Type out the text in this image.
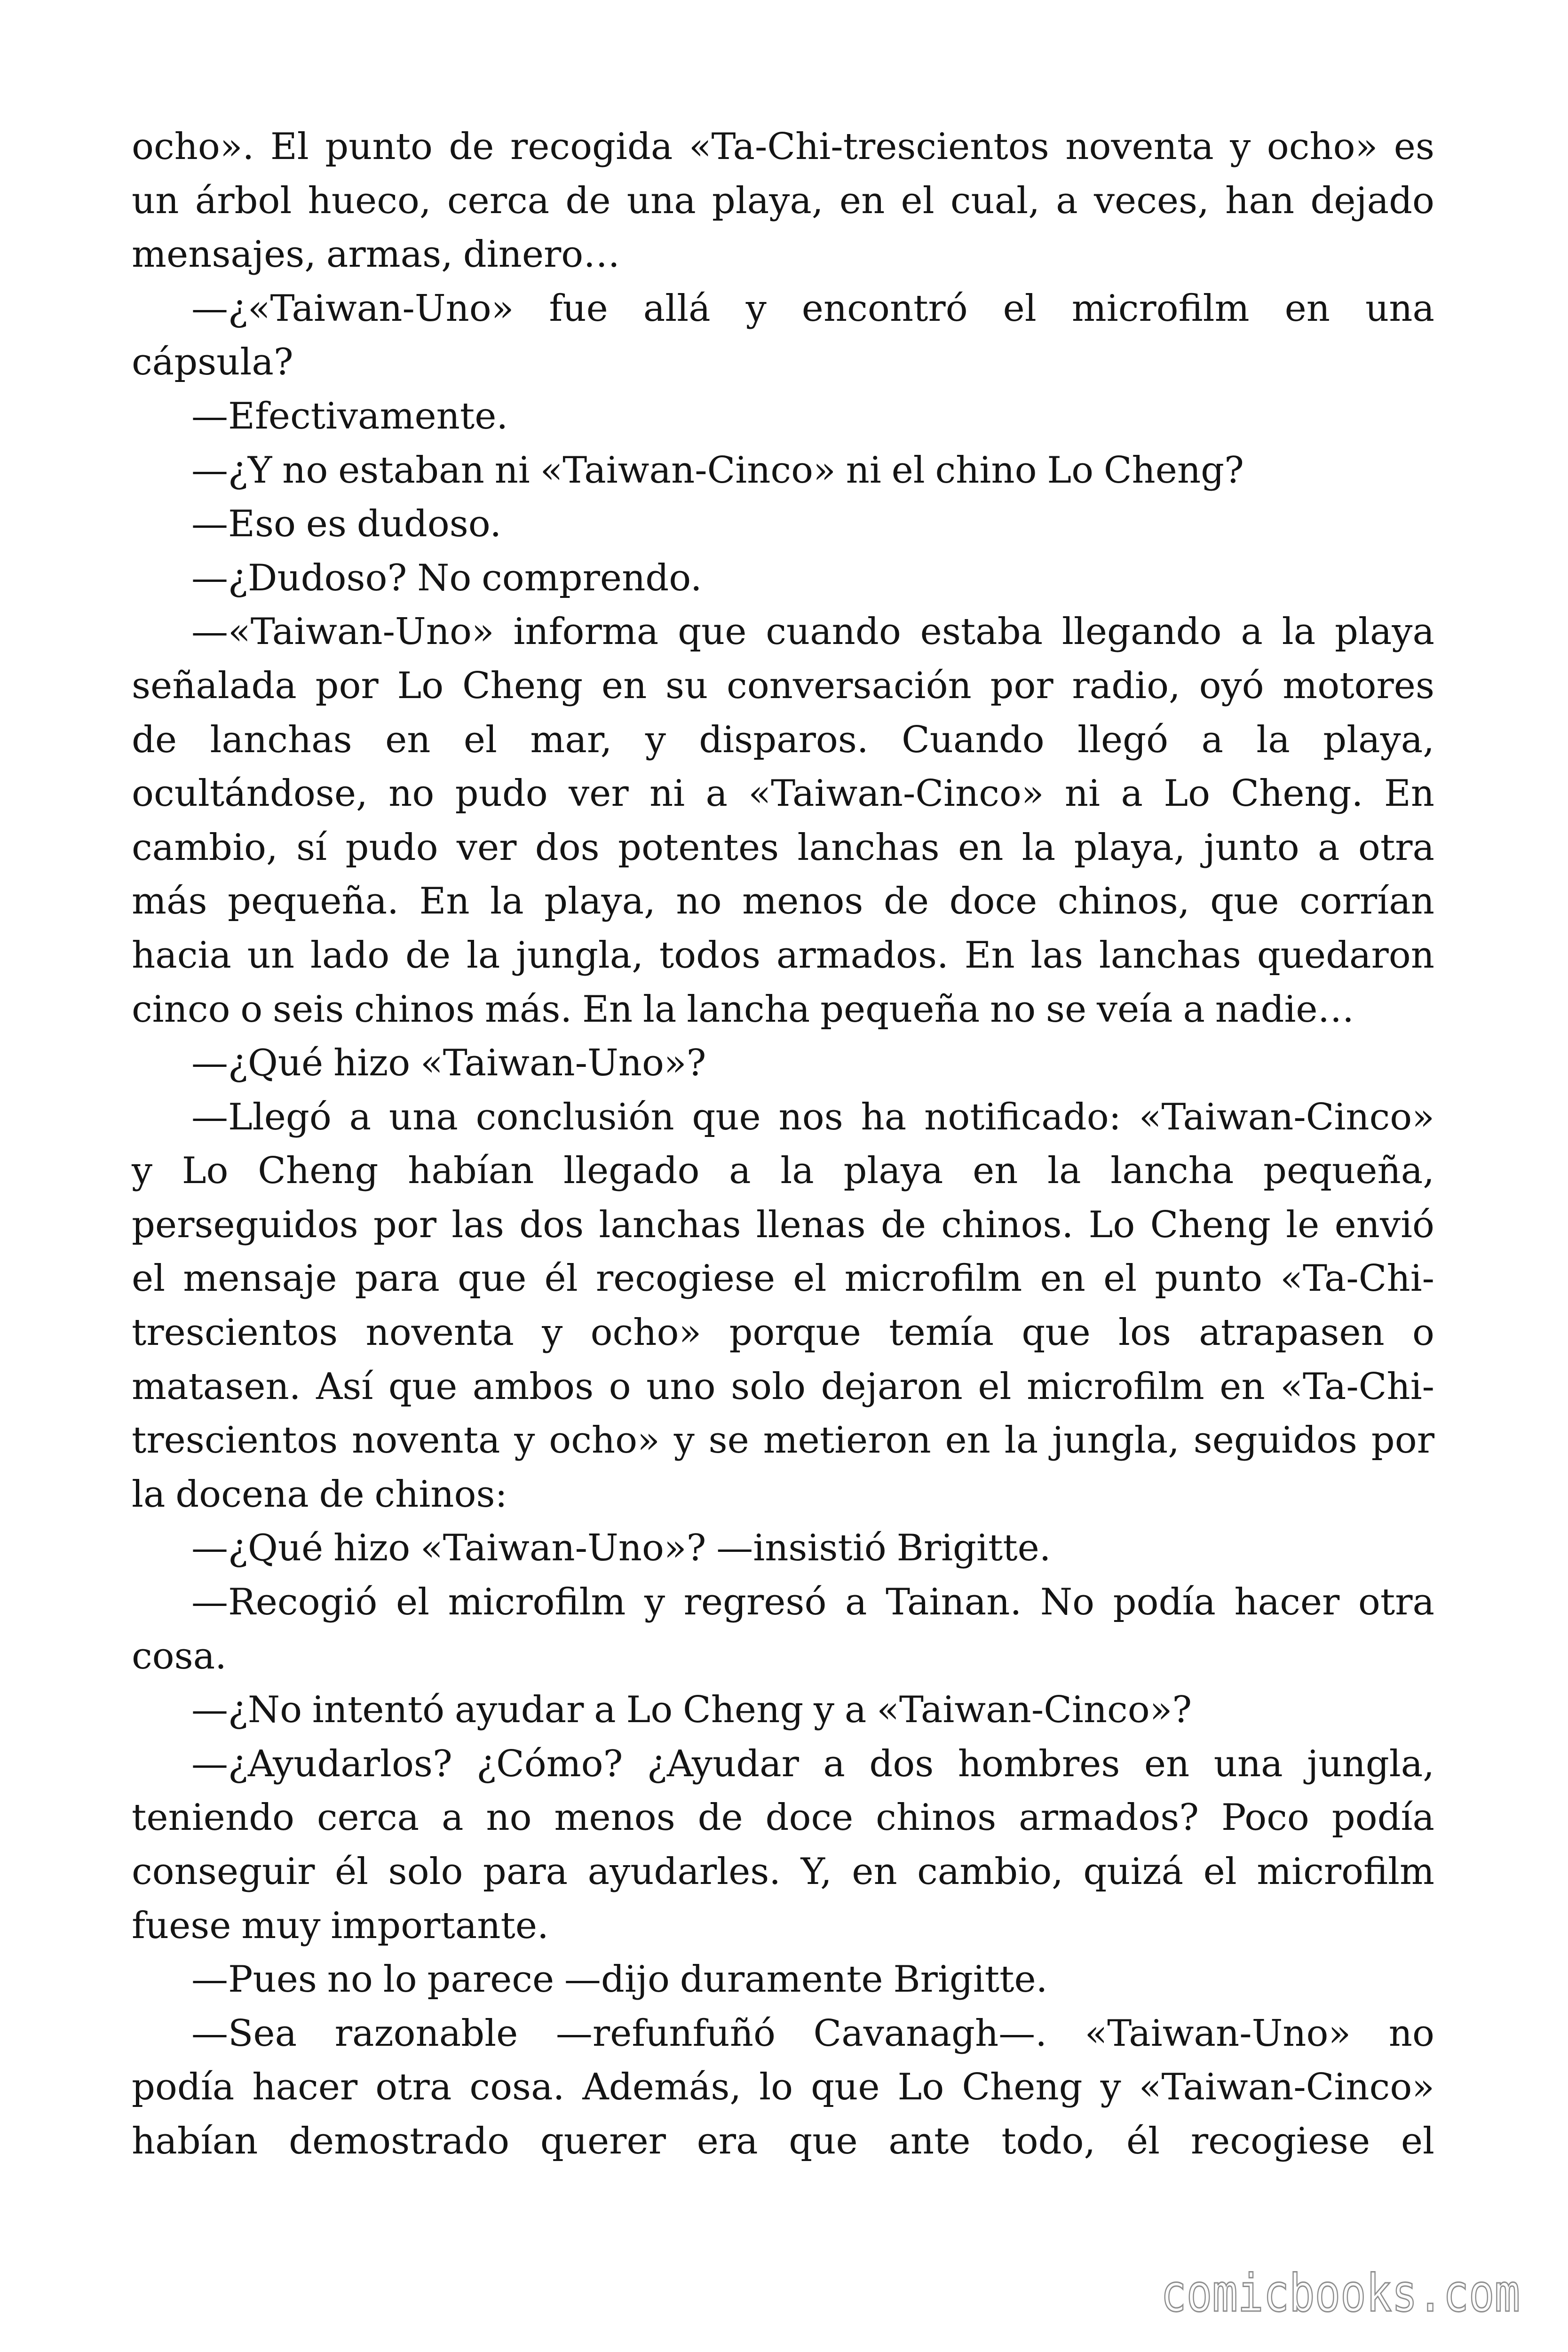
ocho». El punto de recogida «Ta-Chi-trescientos noventa y ocho» es
un árbol hueco, cerca de una playa, en el cual, a veces, han dejado
mensajes, armas, dinero…
—¿«Taiwan-Uno» fue allá y encontró el microfilm en una
cápsula?
—Efectivamente.
—¿Y no estaban ni «Taiwan-Cinco» ni el chino Lo Cheng?
—Eso es dudoso.
—¿Dudoso? No comprendo.
—«Taiwan-Uno» informa que cuando estaba llegando a la playa
señalada por Lo Cheng en su conversación por radio, oyó motores
de lanchas en el mar, y disparos. Cuando llegó a la playa,
ocultándose, no pudo ver ni a «Taiwan-Cinco» ni a Lo Cheng. En
cambio, sí pudo ver dos potentes lanchas en la playa, junto a otra
más pequeña. En la playa, no menos de doce chinos, que corrían
hacia un lado de la jungla, todos armados. En las lanchas quedaron
cinco o seis chinos más. En la lancha pequeña no se veía a nadie…
—¿Qué hizo «Taiwan-Uno»?
—Llegó a una conclusión que nos ha notificado: «Taiwan-Cinco»
y Lo Cheng habían llegado a la playa en la lancha pequeña,
perseguidos por las dos lanchas llenas de chinos. Lo Cheng le envió
el mensaje para que él recogiese el microfilm en el punto «Ta-Chi-
trescientos noventa y ocho» porque temía que los atrapasen o
matasen. Así que ambos o uno solo dejaron el microfilm en «Ta-Chi-
trescientos noventa y ocho» y se metieron en la jungla, seguidos por
la docena de chinos:
—¿Qué hizo «Taiwan-Uno»? —insistió Brigitte.
—Recogió el microfilm y regresó a Tainan. No podía hacer otra
cosa.
—¿No intentó ayudar a Lo Cheng y a «Taiwan-Cinco»?
—¿Ayudarlos? ¿Cómo? ¿Ayudar a dos hombres en una jungla,
teniendo cerca a no menos de doce chinos armados? Poco podía
conseguir él solo para ayudarles. Y, en cambio, quizá el microfilm
fuese muy importante.
—Pues no lo parece —dijo duramente Brigitte.
—Sea razonable —refunfuñó Cavanagh—. «Taiwan-Uno» no
podía hacer otra cosa. Además, lo que Lo Cheng y «Taiwan-Cinco»
habían demostrado querer era que ante todo, él recogiese el
comicbooks.com
